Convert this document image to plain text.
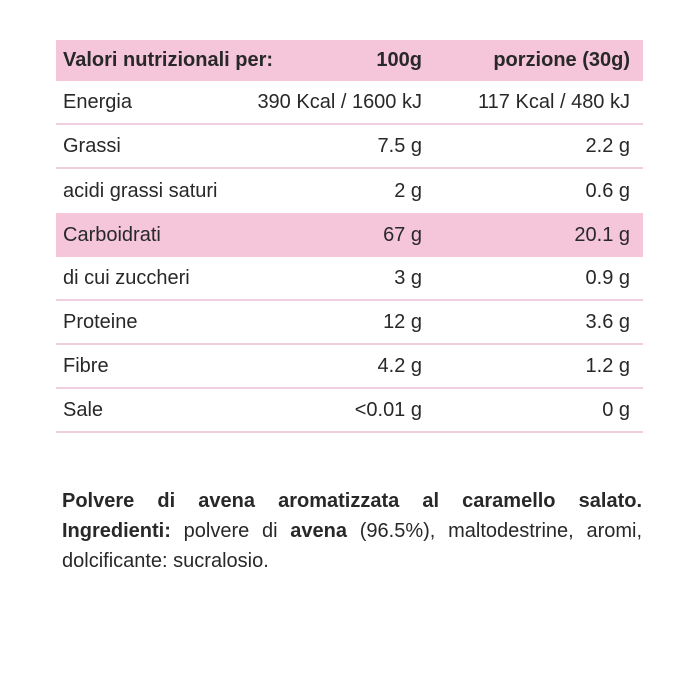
Valori nutrizionali per:	100g	porzione (30g)
Energia	390 Kcal / 1600 kJ	117 Kcal / 480 kJ
Grassi	7.5 g	2.2 g
acidi grassi saturi	2 g	0.6 g
Carboidrati	67 g	20.1 g
di cui zuccheri	3 g	0.9 g
Proteine	12 g	3.6 g
Fibre	4.2 g	1.2 g
Sale	<0.01 g	0 g

Polvere di avena aromatizzata al caramello salato. Ingredienti: polvere di avena (96.5%), maltodestrine, aromi, dolcificante: sucralosio.
